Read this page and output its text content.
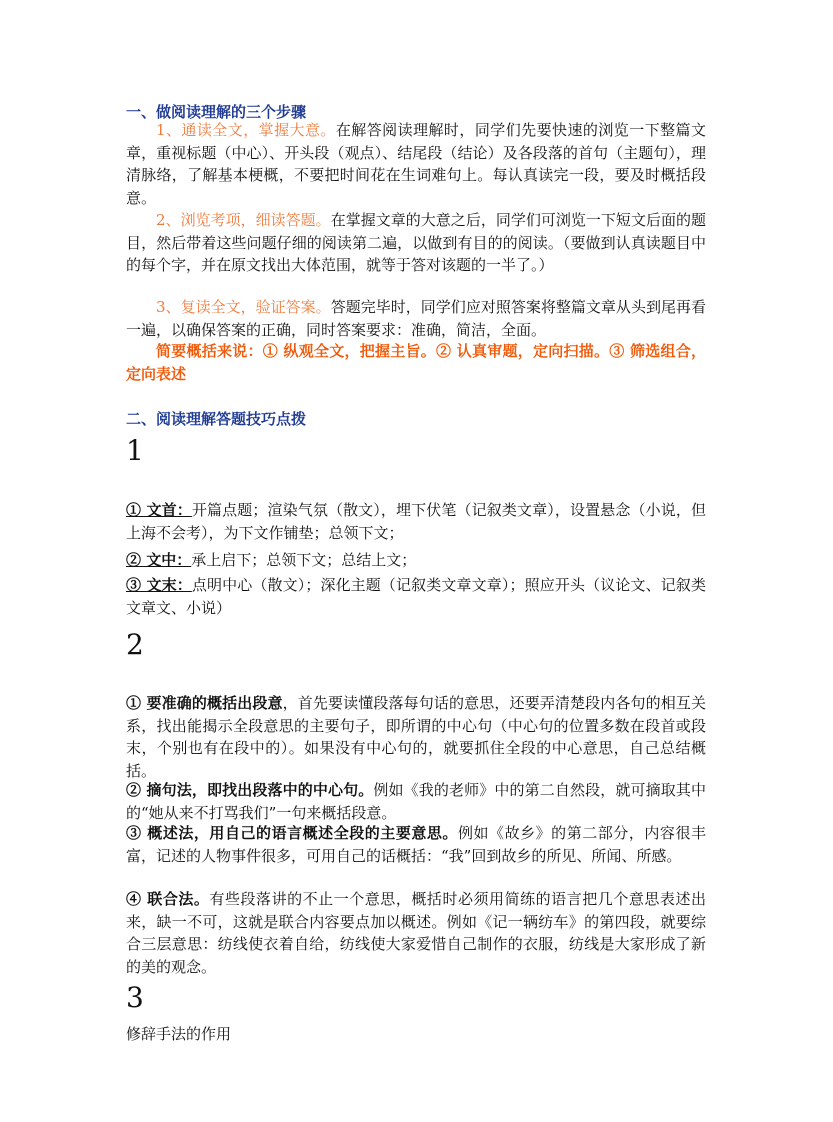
一、做阅读理解的三个步骤

1、通读全文，掌握大意。在解答阅读理解时，同学们先要快速的浏览一下整篇文章，重视标题（中心）、开头段（观点）、结尾段（结论）及各段落的首句（主题句），理清脉络，了解基本梗概，不要把时间花在生词难句上。每认真读完一段，要及时概括段意。

2、浏览考项，细读答题。在掌握文章的大意之后，同学们可浏览一下短文后面的题目，然后带着这些问题仔细的阅读第二遍，以做到有目的的阅读。（要做到认真读题目中的每个字，并在原文找出大体范围，就等于答对该题的一半了。）

3、复读全文，验证答案。答题完毕时，同学们应对照答案将整篇文章从头到尾再看一遍，以确保答案的正确，同时答案要求：准确，简洁，全面。

简要概括来说：① 纵观全文，把握主旨。② 认真审题，定向扫描。③ 筛选组合，定向表述

二、阅读理解答题技巧点拨
1

① 文首：开篇点题；渲染气氛（散文），埋下伏笔（记叙类文章），设置悬念（小说，但上海不会考），为下文作铺垫；总领下文；

② 文中：承上启下；总领下文；总结上文；

③ 文末：点明中心（散文）；深化主题（记叙类文章文章）；照应开头（议论文、记叙类文章文、小说）

2

① 要准确的概括出段意，首先要读懂段落每句话的意思，还要弄清楚段内各句的相互关系，找出能揭示全段意思的主要句子，即所谓的中心句（中心句的位置多数在段首或段末，个别也有在段中的）。如果没有中心句的，就要抓住全段的中心意思，自己总结概括。

② 摘句法，即找出段落中的中心句。例如《我的老师》中的第二自然段，就可摘取其中的“她从来不打骂我们”一句来概括段意。

③ 概述法，用自己的语言概述全段的主要意思。例如《故乡》的第二部分，内容很丰富，记述的人物事件很多，可用自己的话概括：“我”回到故乡的所见、所闻、所感。

④ 联合法。有些段落讲的不止一个意思，概括时必须用简练的语言把几个意思表述出来，缺一不可，这就是联合内容要点加以概述。例如《记一辆纺车》的第四段，就要综合三层意思：纺线使衣着自给，纺线使大家爱惜自己制作的衣服，纺线是大家形成了新的美的观念。

3
修辞手法的作用
